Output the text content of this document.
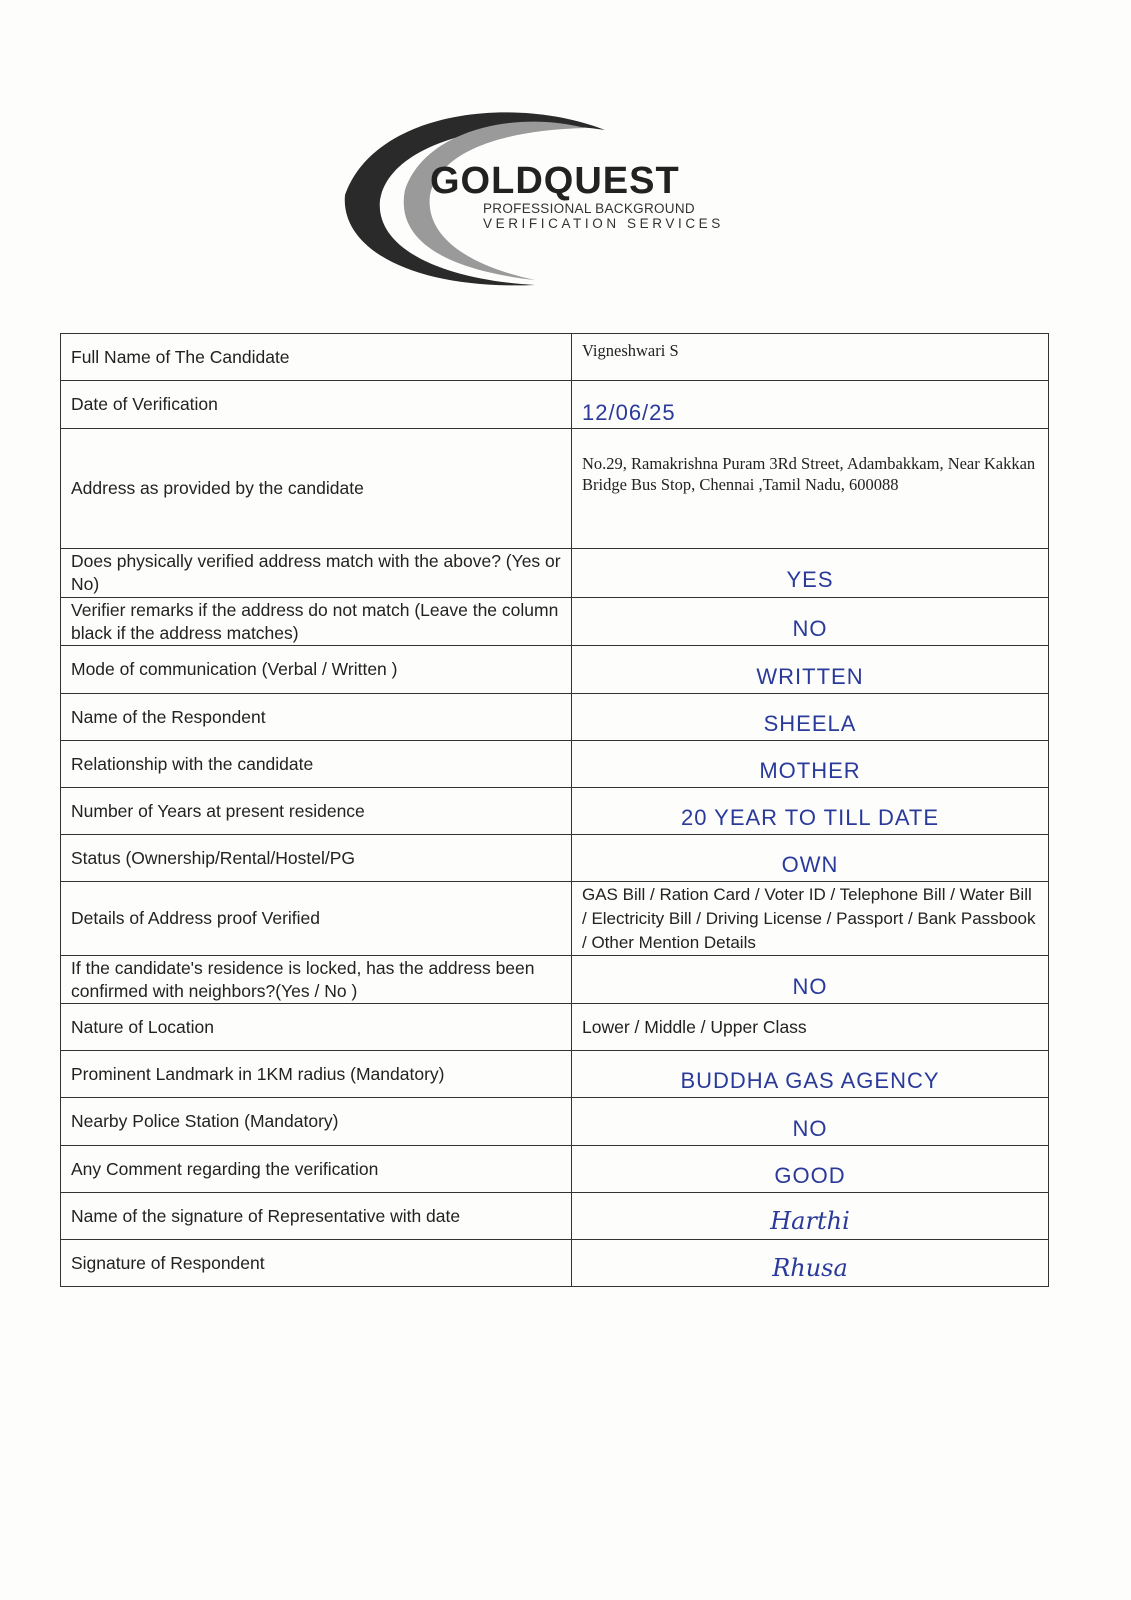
GOLDQUEST
PROFESSIONAL BACKGROUND
VERIFICATION SERVICES
Full Name of The Candidate	Vigneshwari S
Date of Verification	12/06/25

Address as provided by the candidate	No.29, Ramakrishna Puram 3Rd Street, Adambakkam, Near Kakkan Bridge Bus Stop, Chennai ,Tamil Nadu, 600088

Does physically verified address match with the above? (Yes or No)	YES

Verifier remarks if the address do not match (Leave the column black if the address matches)	NO

Mode of communication (Verbal / Written )	WRITTEN

Name of the Respondent	SHEELA

Relationship with the candidate	MOTHER

Number of Years at present residence	20 YEAR TO TILL DATE

Status (Ownership/Rental/Hostel/PG	OWN

Details of Address proof Verified	GAS Bill / Ration Card / Voter ID / Telephone Bill / Water Bill / Electricity Bill / Driving License / Passport / Bank Passbook / Other Mention Details

If the candidate's residence is locked, has the address been confirmed with neighbors?(Yes / No )	NO

Nature of Location	Lower / Middle / Upper Class
Prominent Landmark in 1KM radius (Mandatory)	BUDDHA GAS AGENCY

Nearby Police Station (Mandatory)	NO

Any Comment regarding the verification	GOOD

Name of the signature of Representative with date	Harthi

Signature of Respondent	Rhusa
